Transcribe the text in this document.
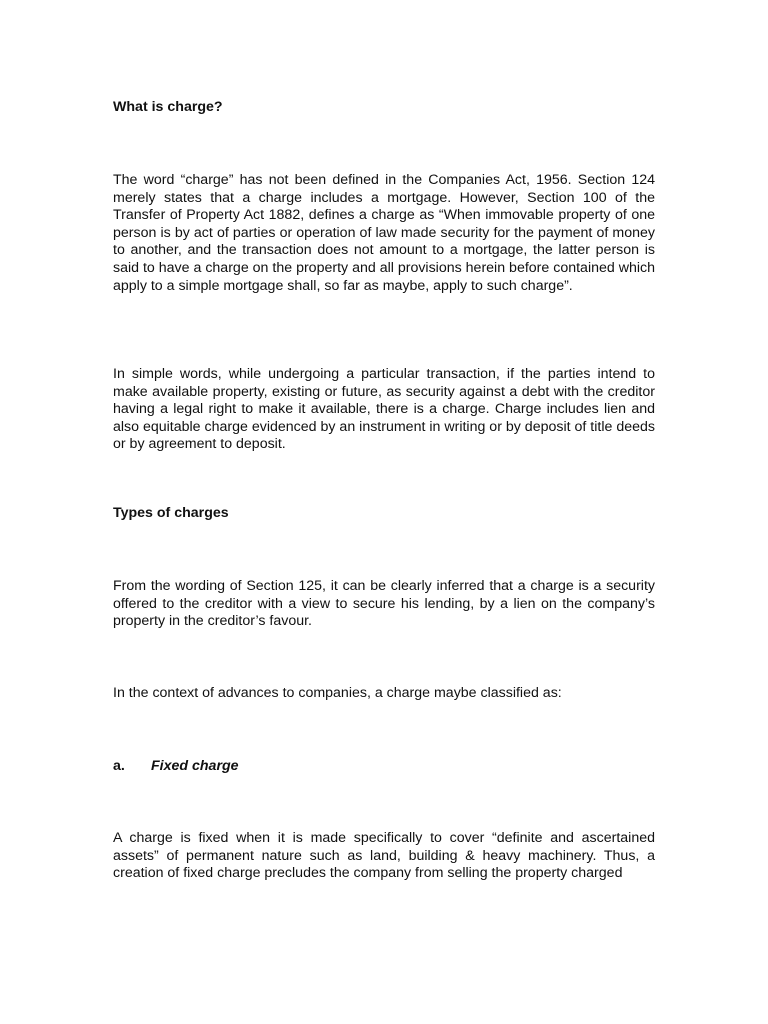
What is charge?

The word “charge” has not been defined in the Companies Act, 1956. Section 124 merely states that a charge includes a mortgage. However, Section 100 of the Transfer of Property Act 1882, defines a charge as “When immovable property of one person is by act of parties or operation of law made security for the payment of money to another, and the transaction does not amount to a mortgage, the latter person is said to have a charge on the property and all provisions herein before contained which apply to a simple mortgage shall, so far as maybe, apply to such charge”.

In simple words, while undergoing a particular transaction, if the parties intend to make available property, existing or future, as security against a debt with the creditor having a legal right to make it available, there is a charge. Charge includes lien and also equitable charge evidenced by an instrument in writing or by deposit of title deeds or by agreement to deposit.

Types of charges

From the wording of Section 125, it can be clearly inferred that a charge is a security offered to the creditor with a view to secure his lending, by a lien on the company’s property in the creditor’s favour.

In the context of advances to companies, a charge maybe classified as:

a. Fixed charge

A charge is fixed when it is made specifically to cover “definite and ascertained assets” of permanent nature such as land, building & heavy machinery. Thus, a creation of fixed charge precludes the company from selling the property charged
